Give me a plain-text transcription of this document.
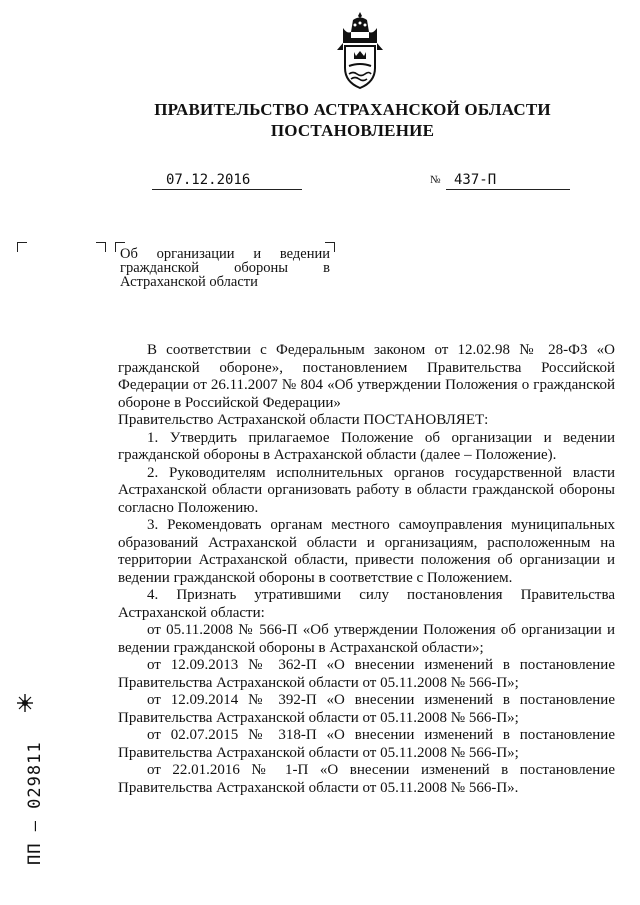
ПРАВИТЕЛЬСТВО АСТРАХАНСКОЙ ОБЛАСТИ
ПОСТАНОВЛЕНИЕ
07.12.2016	№ 437-П
Об организации и ведении
гражданской обороны в
Астраханской области

В соответствии с Федеральным законом от 12.02.98 № 28-ФЗ «О гражданской обороне», постановлением Правительства Российской Федерации от 26.11.2007 № 804 «Об утверждении Положения о гражданской обороне в Российской Федерации»

Правительство Астраханской области ПОСТАНОВЛЯЕТ:

1. Утвердить прилагаемое Положение об организации и ведении гражданской обороны в Астраханской области (далее – Положение).

2. Руководителям исполнительных органов государственной власти Астраханской области организовать работу в области гражданской обороны согласно Положению.

3. Рекомендовать органам местного самоуправления муниципальных образований Астраханской области и организациям, расположенным на территории Астраханской области, привести положения об организации и ведении гражданской обороны в соответствие с Положением.

4. Признать утратившими силу постановления Правительства Астраханской области:

от 05.11.2008 № 566-П «Об утверждении Положения об организации и ведении гражданской обороны в Астраханской области»;

от 12.09.2013 № 362-П «О внесении изменений в постановление Правительства Астраханской области от 05.11.2008 № 566-П»;

от 12.09.2014 № 392-П «О внесении изменений в постановление Правительства Астраханской области от 05.11.2008 № 566-П»;

от 02.07.2015 № 318-П «О внесении изменений в постановление Правительства Астраханской области от 05.11.2008 № 566-П»;

от 22.01.2016 № 1-П «О внесении изменений в постановление Правительства Астраханской области от 05.11.2008 № 566-П».

ПП – 029811
